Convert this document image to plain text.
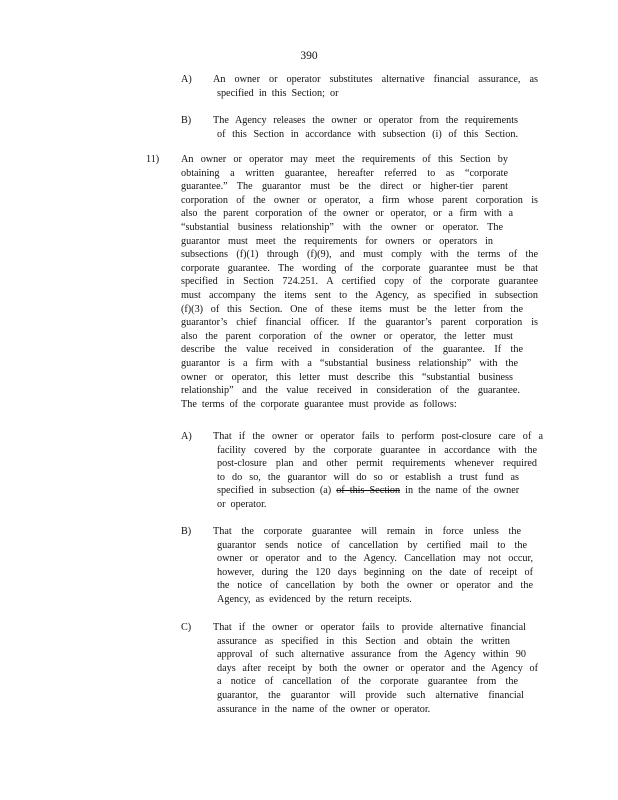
390
A) An owner or operator substitutes alternative financial assurance, as
specified in this Section; or
B) The Agency releases the owner or operator from the requirements
of this Section in accordance with subsection (i) of this Section.
11) An owner or operator may meet the requirements of this Section by
obtaining a written guarantee, hereafter referred to as “corporate
guarantee.” The guarantor must be the direct or higher-tier parent
corporation of the owner or operator, a firm whose parent corporation is
also the parent corporation of the owner or operator, or a firm with a
“substantial business relationship” with the owner or operator. The
guarantor must meet the requirements for owners or operators in
subsections (f)(1) through (f)(9), and must comply with the terms of the
corporate guarantee. The wording of the corporate guarantee must be that
specified in Section 724.251. A certified copy of the corporate guarantee
must accompany the items sent to the Agency, as specified in subsection
(f)(3) of this Section. One of these items must be the letter from the
guarantor’s chief financial officer. If the guarantor’s parent corporation is
also the parent corporation of the owner or operator, the letter must
describe the value received in consideration of the guarantee. If the
guarantor is a firm with a “substantial business relationship” with the
owner or operator, this letter must describe this “substantial business
relationship” and the value received in consideration of the guarantee.
The terms of the corporate guarantee must provide as follows:
A) That if the owner or operator fails to perform post-closure care of a
facility covered by the corporate guarantee in accordance with the
post-closure plan and other permit requirements whenever required
to do so, the guarantor will do so or establish a trust fund as
specified in subsection (a) of this Section in the name of the owner
or operator.
B) That the corporate guarantee will remain in force unless the
guarantor sends notice of cancellation by certified mail to the
owner or operator and to the Agency. Cancellation may not occur,
however, during the 120 days beginning on the date of receipt of
the notice of cancellation by both the owner or operator and the
Agency, as evidenced by the return receipts.
C) That if the owner or operator fails to provide alternative financial
assurance as specified in this Section and obtain the written
approval of such alternative assurance from the Agency within 90
days after receipt by both the owner or operator and the Agency of
a notice of cancellation of the corporate guarantee from the
guarantor, the guarantor will provide such alternative financial
assurance in the name of the owner or operator.
